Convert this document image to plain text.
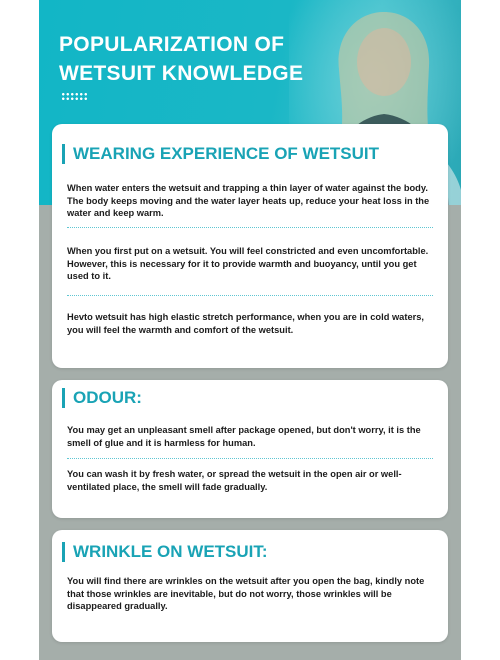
POPULARIZATION OF
WETSUIT KNOWLEDGE
WEARING EXPERIENCE OF WETSUIT

When water enters the wetsuit and trapping a thin layer of water against the body. The body keeps moving and the water layer heats up, reduce your heat loss in the water and keep warm.

When you first put on a wetsuit. You will feel constricted and even uncomfortable. However, this is necessary for it to provide warmth and buoyancy, until you get used to it.

Hevto wetsuit has high elastic stretch performance, when you are in cold waters, you will feel the warmth and comfort of the wetsuit.

ODOUR:

You may get an unpleasant smell after package opened, but don't worry, it is the smell of glue and it is harmless for human.

You can wash it by fresh water, or spread the wetsuit in the open air or well-ventilated place, the smell will fade gradually.

WRINKLE ON WETSUIT:

You will find there are wrinkles on the wetsuit after you open the bag, kindly note that those wrinkles are inevitable, but do not worry, those wrinkles will be disappeared gradually.
